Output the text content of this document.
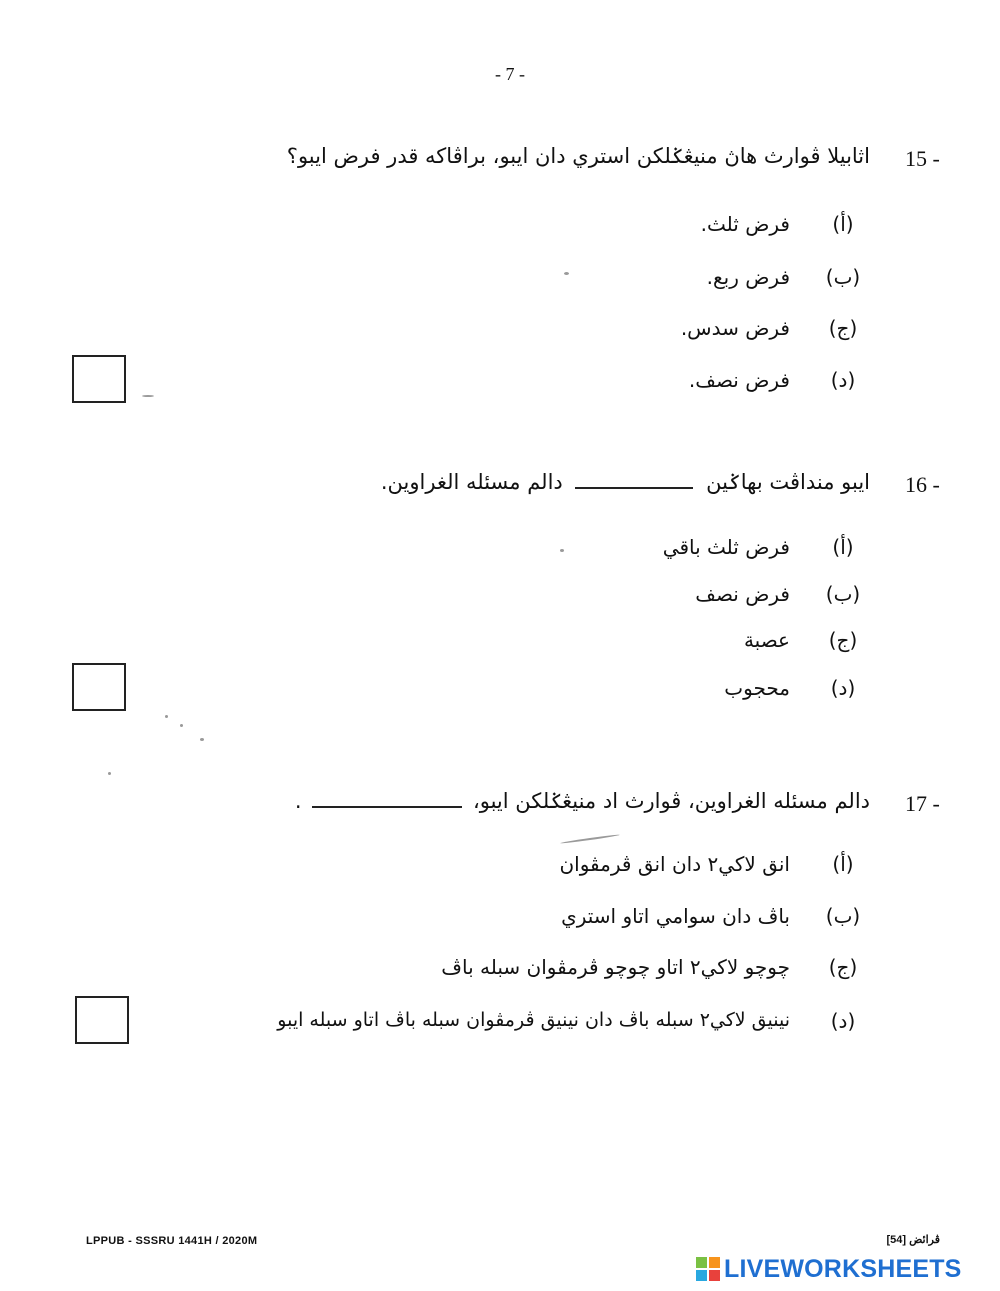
- 7 -
15 -
اثابيلا ڤوارث هاڽ منيڠݢلكن استري دان ايبو، براڤاكه قدر فرض ايبو؟
(أ)
فرض ثلث.
(ب)
فرض ربع.
(ج)
فرض سدس.
(د)
فرض نصف.
16 -
ايبو منداڤت بهاݢين  دالم مسئله الغراوين.
(أ)
فرض ثلث باقي
(ب)
فرض نصف
(ج)
عصبة
(د)
محجوب
17 -
دالم مسئله الغراوين، ڤوارث اد منيڠݢلكن ايبو،  .
(أ)
انق لاكي٢ دان انق ڤرمڤوان
(ب)
باڤ دان سوامي اتاو استري
(ج)
چوچو لاكي٢ اتاو چوچو ڤرمڤوان سبله باڤ
(د)
نينيق لاكي٢ سبله باڤ دان نينيق ڤرمڤوان سبله باڤ اتاو سبله ايبو
LPPUB - SSSRU 1441H / 2020M	ڤرائض [54]
LIVEWORKSHEETS
